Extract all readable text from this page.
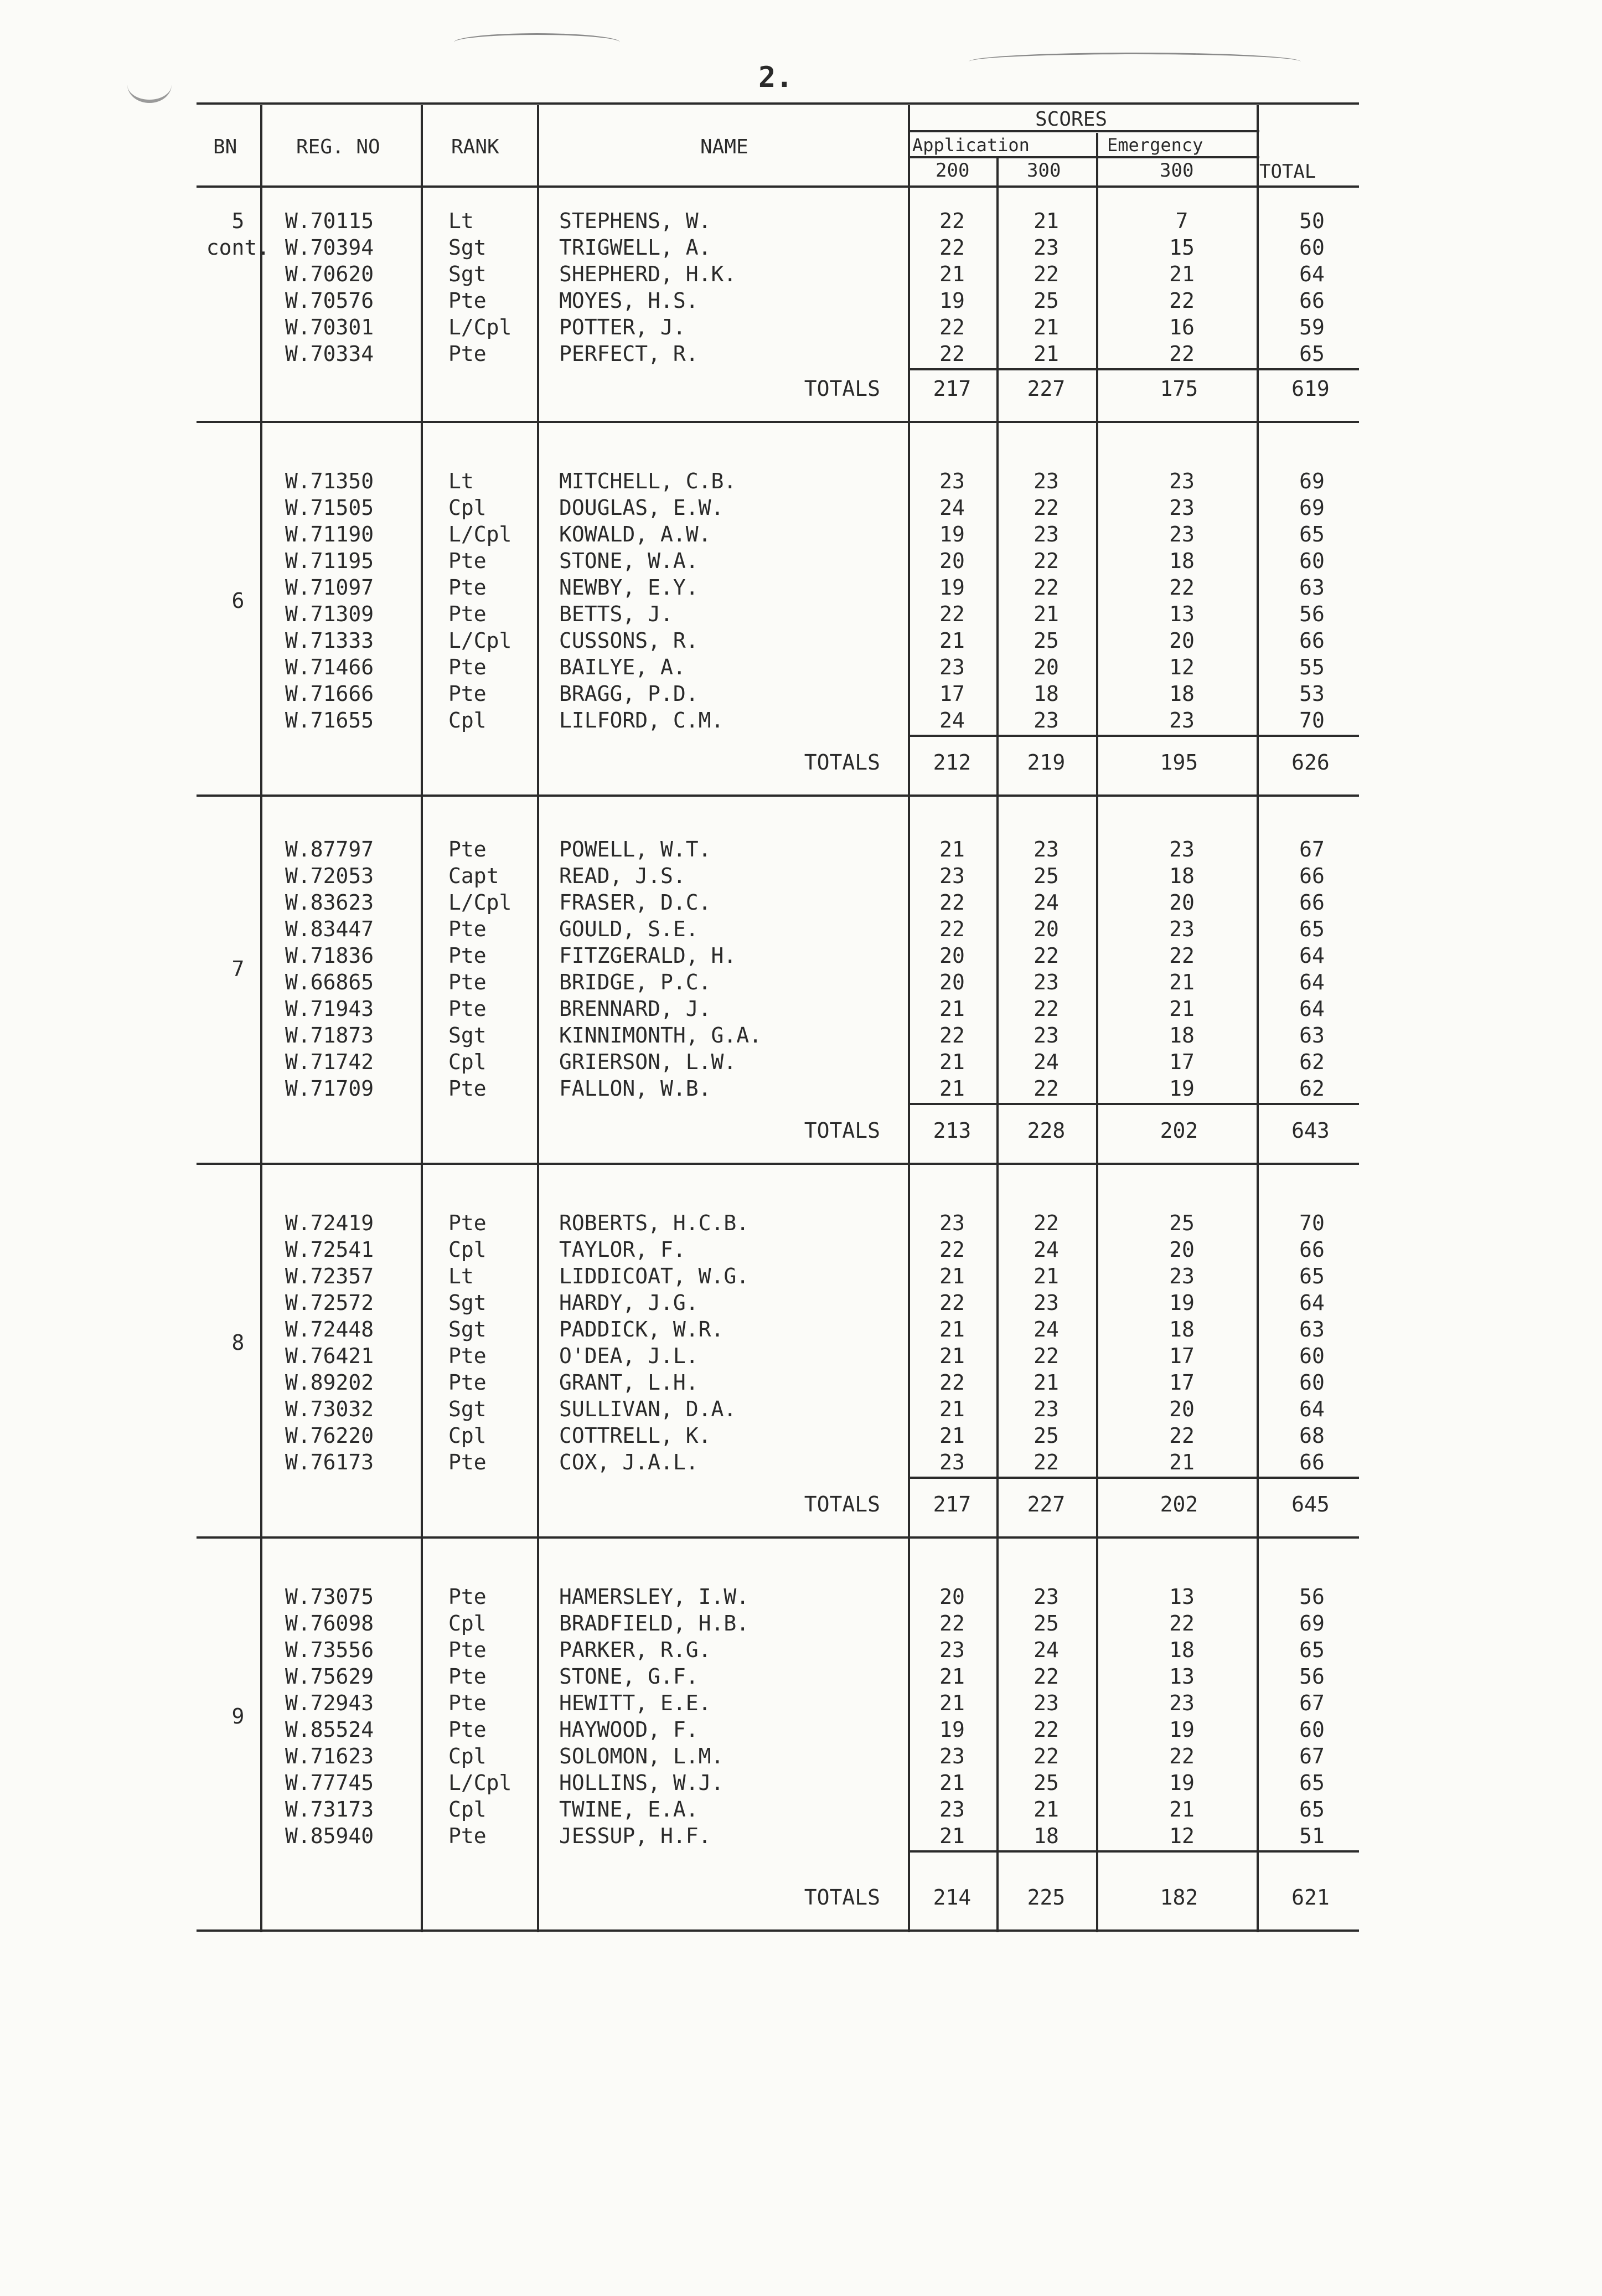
2.
BN	REG. NO	RANK	NAME
SCORES
Application	Emergency
200	300	300	TOTAL
5
cont.
W.70115	Lt	STEPHENS, W.	22	21	7	50
W.70394	Sgt	TRIGWELL, A.	22	23	15	60
W.70620	Sgt	SHEPHERD, H.K.	21	22	21	64
W.70576	Pte	MOYES, H.S.	19	25	22	66
W.70301	L/Cpl	POTTER, J.	22	21	16	59
W.70334	Pte	PERFECT, R.	22	21	22	65
TOTALS	217	227	175	619
6
W.71350	Lt	MITCHELL, C.B.	23	23	23	69
W.71505	Cpl	DOUGLAS, E.W.	24	22	23	69
W.71190	L/Cpl	KOWALD, A.W.	19	23	23	65
W.71195	Pte	STONE, W.A.	20	22	18	60
W.71097	Pte	NEWBY, E.Y.	19	22	22	63
W.71309	Pte	BETTS, J.	22	21	13	56
W.71333	L/Cpl	CUSSONS, R.	21	25	20	66
W.71466	Pte	BAILYE, A.	23	20	12	55
W.71666	Pte	BRAGG, P.D.	17	18	18	53
W.71655	Cpl	LILFORD, C.M.	24	23	23	70
TOTALS	212	219	195	626
7
W.87797	Pte	POWELL, W.T.	21	23	23	67
W.72053	Capt	READ, J.S.	23	25	18	66
W.83623	L/Cpl	FRASER, D.C.	22	24	20	66
W.83447	Pte	GOULD, S.E.	22	20	23	65
W.71836	Pte	FITZGERALD, H.	20	22	22	64
W.66865	Pte	BRIDGE, P.C.	20	23	21	64
W.71943	Pte	BRENNARD, J.	21	22	21	64
W.71873	Sgt	KINNIMONTH, G.A.	22	23	18	63
W.71742	Cpl	GRIERSON, L.W.	21	24	17	62
W.71709	Pte	FALLON, W.B.	21	22	19	62
TOTALS	213	228	202	643
8
W.72419	Pte	ROBERTS, H.C.B.	23	22	25	70
W.72541	Cpl	TAYLOR, F.	22	24	20	66
W.72357	Lt	LIDDICOAT, W.G.	21	21	23	65
W.72572	Sgt	HARDY, J.G.	22	23	19	64
W.72448	Sgt	PADDICK, W.R.	21	24	18	63
W.76421	Pte	O'DEA, J.L.	21	22	17	60
W.89202	Pte	GRANT, L.H.	22	21	17	60
W.73032	Sgt	SULLIVAN, D.A.	21	23	20	64
W.76220	Cpl	COTTRELL, K.	21	25	22	68
W.76173	Pte	COX, J.A.L.	23	22	21	66
TOTALS	217	227	202	645
9
W.73075	Pte	HAMERSLEY, I.W.	20	23	13	56
W.76098	Cpl	BRADFIELD, H.B.	22	25	22	69
W.73556	Pte	PARKER, R.G.	23	24	18	65
W.75629	Pte	STONE, G.F.	21	22	13	56
W.72943	Pte	HEWITT, E.E.	21	23	23	67
W.85524	Pte	HAYWOOD, F.	19	22	19	60
W.71623	Cpl	SOLOMON, L.M.	23	22	22	67
W.77745	L/Cpl	HOLLINS, W.J.	21	25	19	65
W.73173	Cpl	TWINE, E.A.	23	21	21	65
W.85940	Pte	JESSUP, H.F.	21	18	12	51
TOTALS	214	225	182	621
